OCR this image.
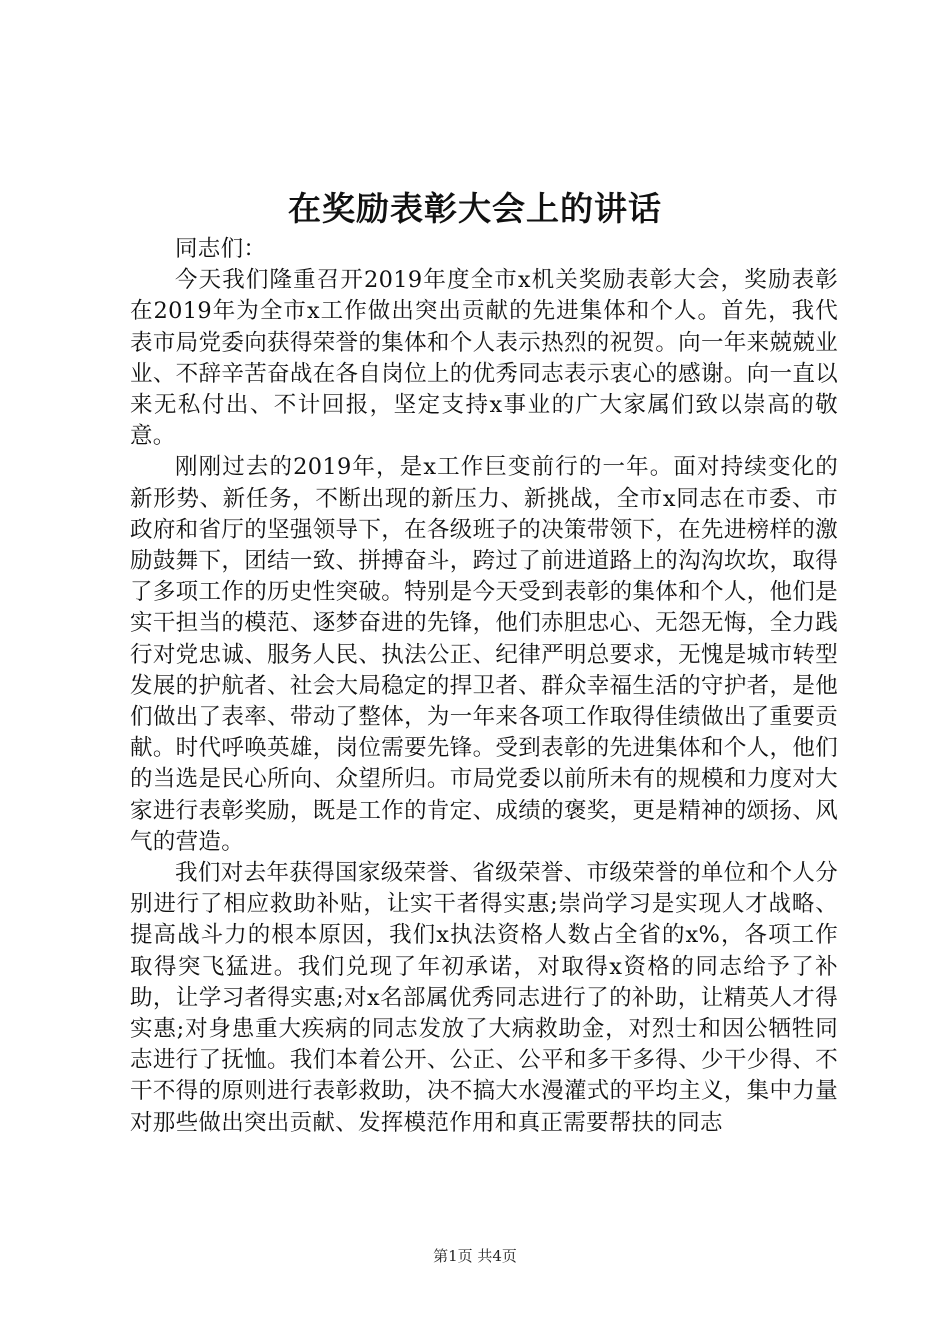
在奖励表彰大会上的讲话

同志们：

今天我们隆重召开2019年度全市x机关奖励表彰大会，奖励表彰在2019年为全市x工作做出突出贡献的先进集体和个人。首先，我代表市局党委向获得荣誉的集体和个人表示热烈的祝贺。向一年来兢兢业业、不辞辛苦奋战在各自岗位上的优秀同志表示衷心的感谢。向一直以来无私付出、不计回报，坚定支持x事业的广大家属们致以崇高的敬意。

刚刚过去的2019年，是x工作巨变前行的一年。面对持续变化的新形势、新任务，不断出现的新压力、新挑战，全市x同志在市委、市政府和省厅的坚强领导下，在各级班子的决策带领下，在先进榜样的激励鼓舞下，团结一致、拼搏奋斗，跨过了前进道路上的沟沟坎坎，取得了多项工作的历史性突破。特别是今天受到表彰的集体和个人，他们是实干担当的模范、逐梦奋进的先锋，他们赤胆忠心、无怨无悔，全力践行对党忠诚、服务人民、执法公正、纪律严明总要求，无愧是城市转型发展的护航者、社会大局稳定的捍卫者、群众幸福生活的守护者，是他们做出了表率、带动了整体，为一年来各项工作取得佳绩做出了重要贡献。时代呼唤英雄，岗位需要先锋。受到表彰的先进集体和个人，他们的当选是民心所向、众望所归。市局党委以前所未有的规模和力度对大家进行表彰奖励，既是工作的肯定、成绩的褒奖，更是精神的颂扬、风气的营造。

我们对去年获得国家级荣誉、省级荣誉、市级荣誉的单位和个人分别进行了相应救助补贴，让实干者得实惠;崇尚学习是实现人才战略、提高战斗力的根本原因，我们x执法资格人数占全省的x%，各项工作取得突飞猛进。我们兑现了年初承诺，对取得x资格的同志给予了补助，让学习者得实惠;对x名部属优秀同志进行了的补助，让精英人才得实惠;对身患重大疾病的同志发放了大病救助金，对烈士和因公牺牲同志进行了抚恤。我们本着公开、公正、公平和多干多得、少干少得、不干不得的原则进行表彰救助，决不搞大水漫灌式的平均主义，集中力量对那些做出突出贡献、发挥模范作用和真正需要帮扶的同志

第1页 共4页
